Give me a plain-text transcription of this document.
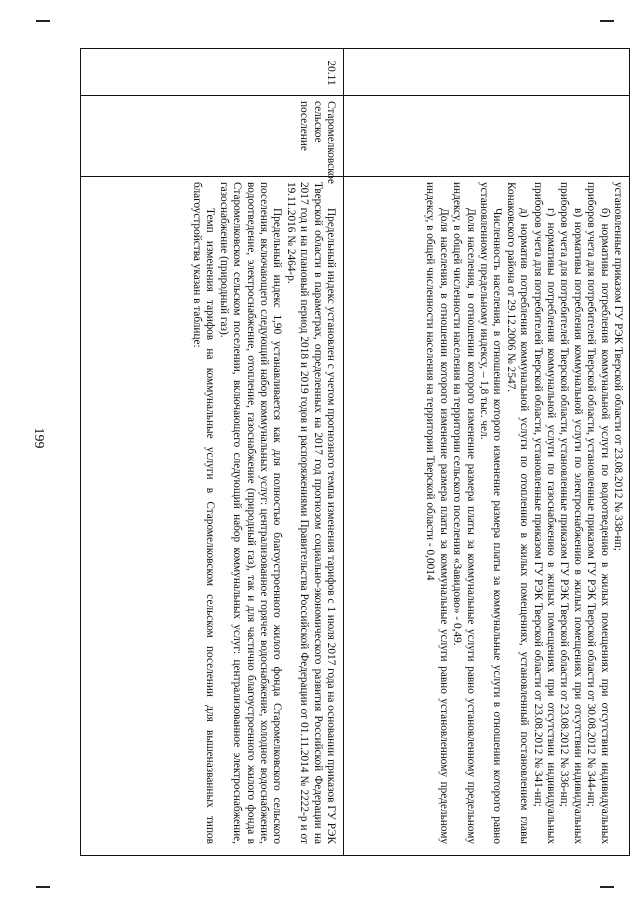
199	установленные приказом ГУ РЭК Тверской области от 23.08.2012 № 338-нп;

б) нормативы потребления коммунальной услуги по водоотведению в жилых помещениях при отсутствии индивидуальных приборов учета для потребителей Тверской области, установленные приказом ГУ РЭК Тверской области от 30.08.2012 № 344-нп;

в) нормативы потребления коммунальной услуги по электроснабжению в жилых помещениях при отсутствии индивидуальных приборов учета для потребителей Тверской области, установленные приказом ГУ РЭК Тверской области от 23.08.2012 № 336-нп;

г) нормативы потребления коммунальной услуги по газоснабжению в жилых помещениях при отсутствии индивидуальных приборов учета для потребителей Тверской области, установленные приказом ГУ РЭК Тверской области от 23.08.2012 № 341-нп;

д) норматив потребления коммунальной услуги по отоплению в жилых помещениях, установленный постановлением главы Конаковского района от 29.12.2006 № 2547.

Численность населения, в отношении которого изменение размера платы за коммунальные услуги в отношении которого равно установленному предельному индексу, – 1,8 тыс. чел.

Доля населения, в отношении которого изменение размера платы за коммунальные услуги равно установленному предельному индексу, в общей численности населения на территории сельского поселения «Завидово» - 0,49.

Доля населения, в отношении которого изменение размера платы за коммунальные услуги равно установленному предельному индексу, в общей численности населения на территории Тверской области - 0,0014

20.11
Старомелковское сельское поселение

Предельный индекс установлен с учетом прогнозного темпа изменения тарифов с 1 июля 2017 года на основании приказов ГУ РЭК Тверской области в параметрах, определенных на 2017 год прогнозом социально-экономического развития Российской Федерации на 2017 год и на плановый период 2018 и 2019 годов и распоряжениями Правительства Российской Федерации от 01.11.2014 № 2222-р и от 19.11.2016 № 2464-р.

Предельный индекс 1,90 устанавливается как для полностью благоустроенного жилого фонда Старомелковского сельского поселения, включающего следующий набор коммунальных услуг: централизованное горячее водоснабжение, холодное водоснабжение, водоотведение, электроснабжение, отопление, газоснабжение (природный газ), так и для частично благоустроенного жилого фонда в Старомелковском сельском поселении, включающего следующий набор коммунальных услуг: централизованное электроснабжение, газоснабжение (природный газ).

Темп изменения тарифов на коммунальные услуги в Старомелковском сельском поселении для вышеназванных типов благоустройства указан в таблице:
